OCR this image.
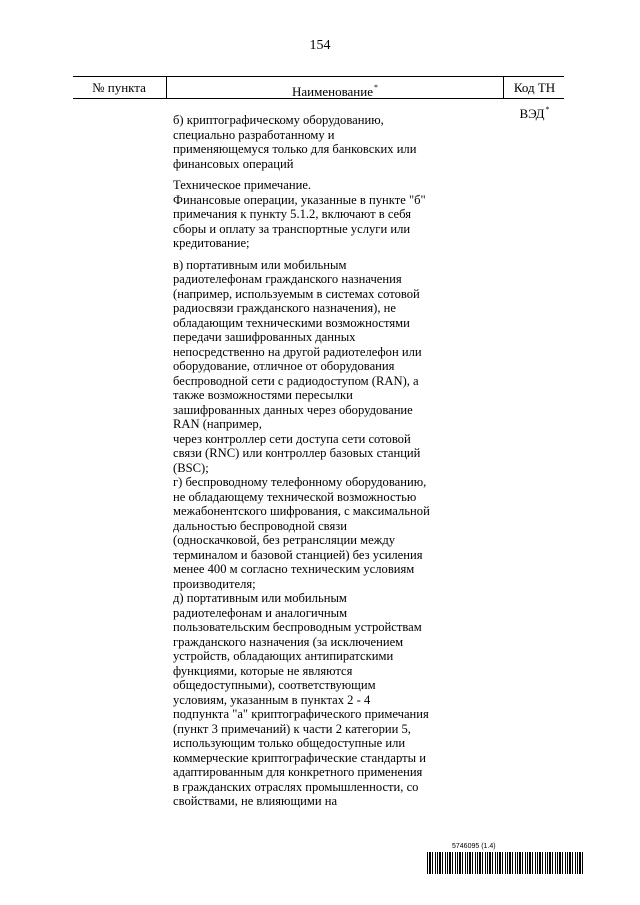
154
№ пункта	Наименование*	Код ТН ВЭД*

б) криптографическому оборудованию,
специально разработанному и
применяющемуся только для банковских или
финансовых операций

Техническое примечание.
Финансовые операции, указанные в пункте "б"
примечания к пункту 5.1.2, включают в себя
сборы и оплату за транспортные услуги или
кредитование;

в) портативным или мобильным
радиотелефонам гражданского назначения
(например, используемым в системах сотовой
радиосвязи гражданского назначения), не
обладающим техническими возможностями
передачи зашифрованных данных
непосредственно на другой радиотелефон или
оборудование, отличное от оборудования
беспроводной сети с радиодоступом (RAN), а
также возможностями пересылки
зашифрованных данных через оборудование
RAN (например,
через контроллер сети доступа сети сотовой
связи (RNC) или контроллер базовых станций
(BSC);
г) беспроводному телефонному оборудованию,
не обладающему технической возможностью
межабонентского шифрования, с максимальной
дальностью беспроводной связи
(односкачковой, без ретрансляции между
терминалом и базовой станцией) без усиления
менее 400 м согласно техническим условиям
производителя;
д) портативным или мобильным
радиотелефонам и аналогичным
пользовательским беспроводным устройствам
гражданского назначения (за исключением
устройств, обладающих антипиратскими
функциями, которые не являются
общедоступными), соответствующим
условиям, указанным в пунктах 2 - 4
подпункта "а" криптографического примечания
(пункт 3 примечаний) к части 2 категории 5,
использующим только общедоступные или
коммерческие криптографические стандарты и
адаптированным для конкретного применения
в гражданских отраслях промышленности, со
свойствами, не влияющими на

5746095 (1.4)
